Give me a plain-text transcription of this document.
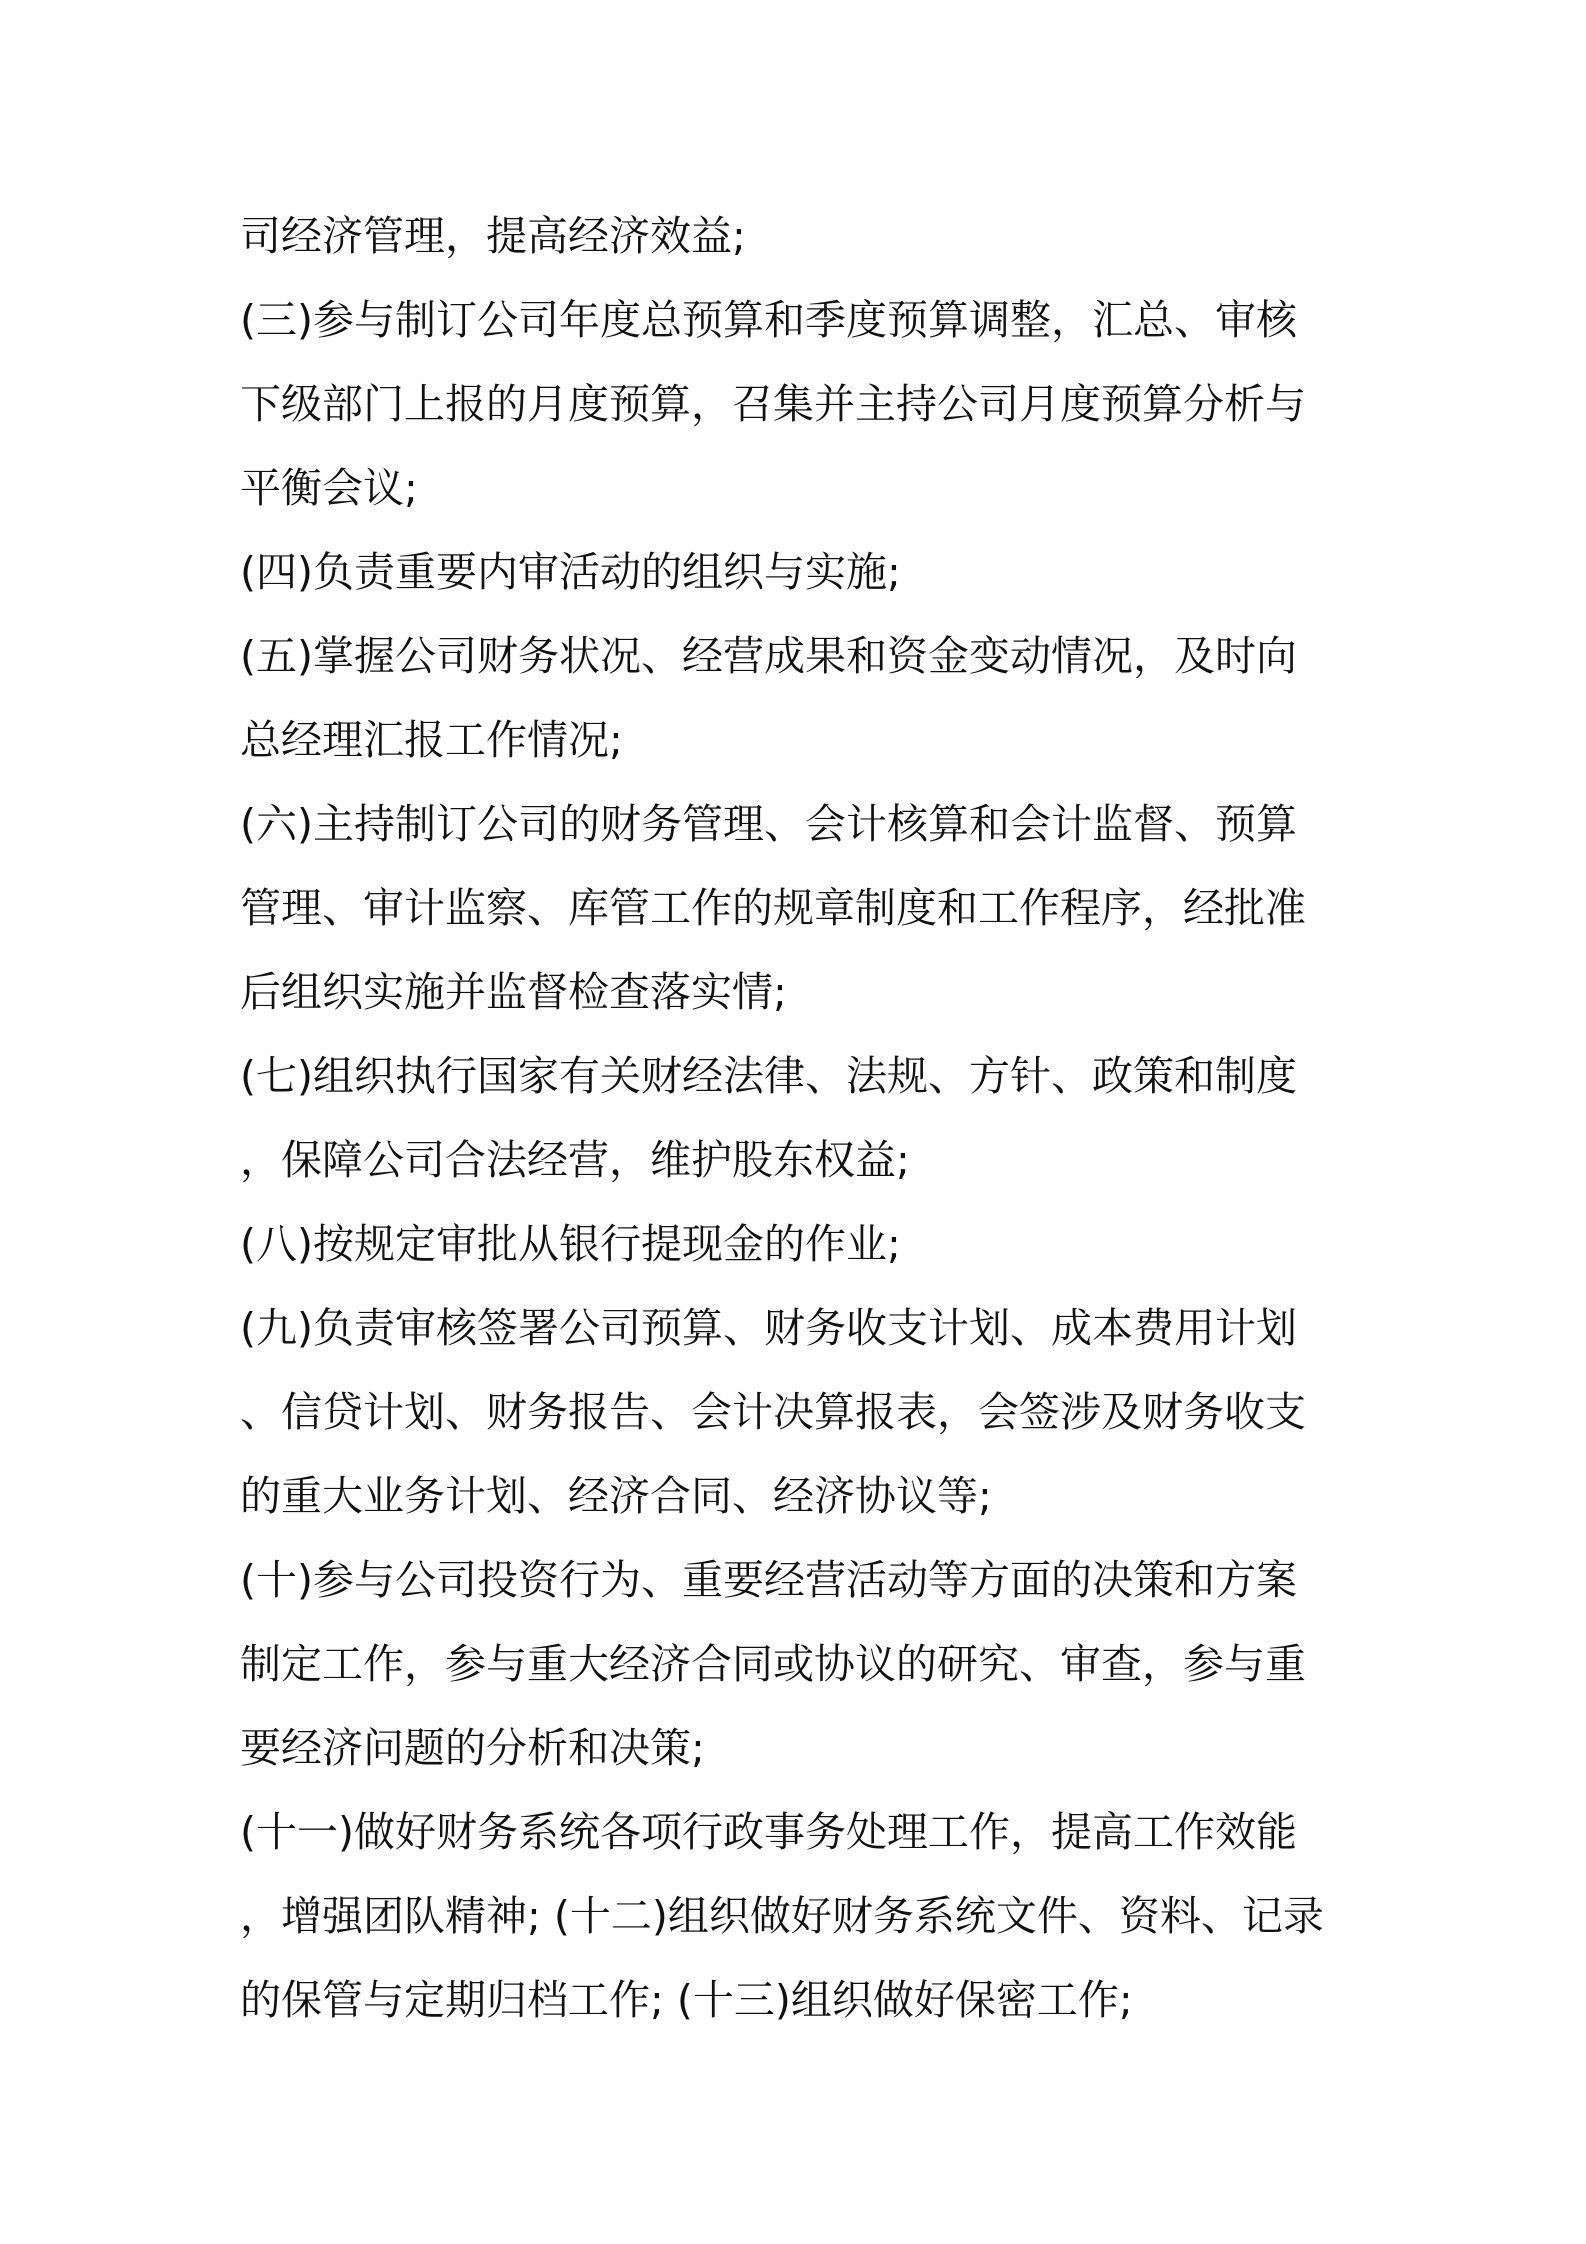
司经济管理，提高经济效益;
(三)参与制订公司年度总预算和季度预算调整，汇总、审核
下级部门上报的月度预算，召集并主持公司月度预算分析与
平衡会议;
(四)负责重要内审活动的组织与实施;
(五)掌握公司财务状况、经营成果和资金变动情况，及时向
总经理汇报工作情况;
(六)主持制订公司的财务管理、会计核算和会计监督、预算
管理、审计监察、库管工作的规章制度和工作程序，经批准
后组织实施并监督检查落实情;
(七)组织执行国家有关财经法律、法规、方针、政策和制度
，保障公司合法经营，维护股东权益;
(八)按规定审批从银行提现金的作业;
(九)负责审核签署公司预算、财务收支计划、成本费用计划
、信贷计划、财务报告、会计决算报表，会签涉及财务收支
的重大业务计划、经济合同、经济协议等;
(十)参与公司投资行为、重要经营活动等方面的决策和方案
制定工作，参与重大经济合同或协议的研究、审查，参与重
要经济问题的分析和决策;
(十一)做好财务系统各项行政事务处理工作，提高工作效能
，增强团队精神; (十二)组织做好财务系统文件、资料、记录
的保管与定期归档工作; (十三)组织做好保密工作;
